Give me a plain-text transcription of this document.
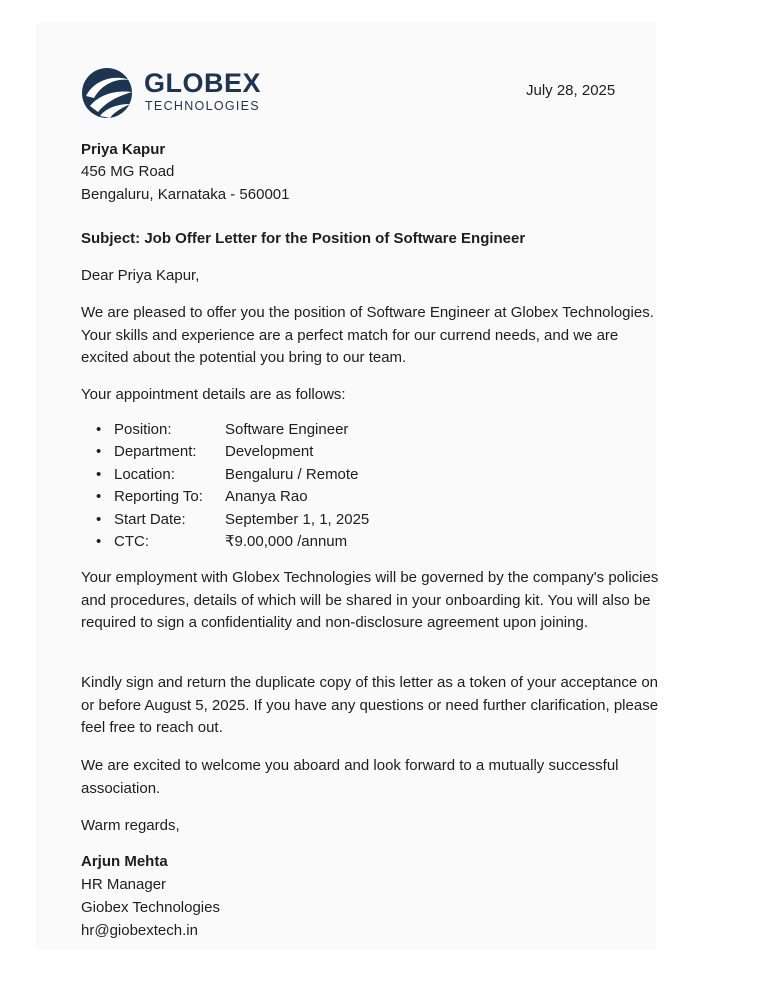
GLOBEX
TECHNOLOGIES
July 28, 2025
Priya Kapur
456 MG Road
Bengaluru, Karnataka - 560001
Subject: Job Offer Letter for the Position of Software Engineer
Dear Priya Kapur,

We are pleased to offer you the position of Software Engineer at Globex Technologies. Your skills and experience are a perfect match for our currend needs, and we are excited about the potential you bring to our team.

Your appointment details are as follows:
• Position:	Software Engineer
• Department: Development
• Location:	Bengaluru / Remote
• Reporting To: Ananya Rao
• Start Date:	September 1, 1, 2025
• CTC:	₹9.00,000 /annum

Your employment with Globex Technologies will be governed by the company's policies and procedures, details of which will be shared in your onboarding kit. You will also be required to sign a confidentiality and non-disclosure agreement upon joining.

Kindly sign and return the duplicate copy of this letter as a token of your acceptance on or before August 5, 2025. If you have any questions or need further clarification, please feel free to reach out.

We are excited to welcome you aboard and look forward to a mutually successful association.

Warm regards,
Arjun Mehta
HR Manager
Giobex Technologies
hr@giobextech.in
